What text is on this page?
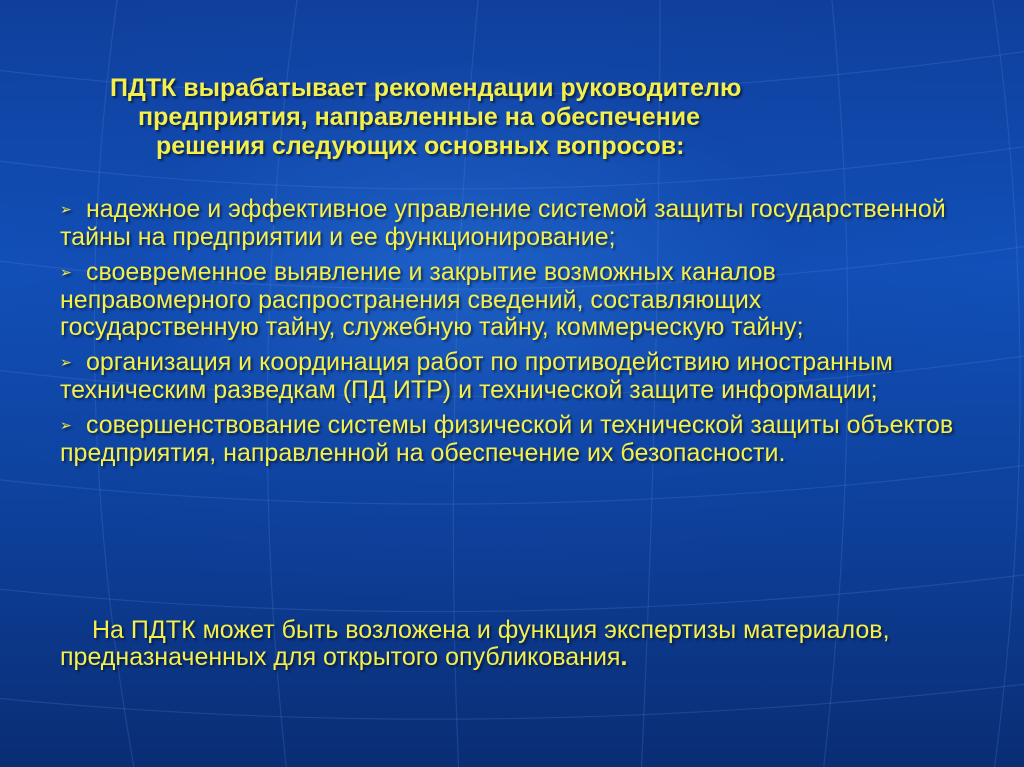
ПДТК вырабатывает рекомендации руководителю
предприятия, направленные на обеспечение
решения следующих основных вопросов:
➢ надежное и эффективное управление системой защиты государственной тайны на предприятии и ее функционирование;
➢ своевременное выявление и закрытие возможных каналов неправомерного распространения сведений, составляющих государственную тайну, служебную тайну, коммерческую тайну;
➢ организация и координация работ по противодействию иностранным техническим разведкам (ПД ИТР) и технической защите информации;
➢ совершенствование системы физической и технической защиты объектов предприятия, направленной на обеспечение их безопасности.

На ПДТК может быть возложена и функция экспертизы материалов, предназначенных для открытого опубликования.
